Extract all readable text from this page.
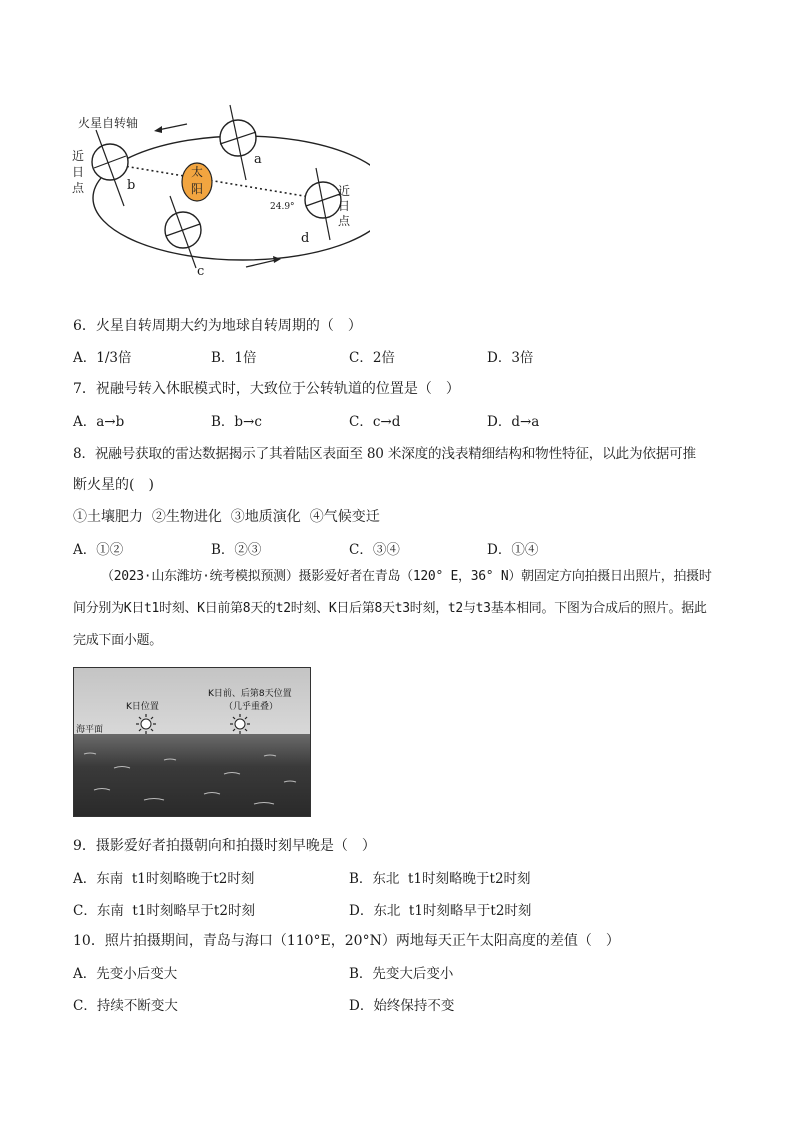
火星自转轴
近
日
点	近
日
点
太
阳
24.9°
a
b
c
d
6．火星自转周期大约为地球自转周期的（　）
A．1/3倍	B．1倍	C．2倍	D．3倍
7．祝融号转入休眠模式时，大致位于公转轨道的位置是（　）
A．a→b	B．b→c	C．c→d	D．d→a
8．祝融号获取的雷达数据揭示了其着陆区表面至 80 米深度的浅表精细结构和物性特征，以此为依据可推
断火星的(　)
①土壤肥力  ②生物进化  ③地质演化  ④气候变迁
A．①②	B．②③	C．③④	D．①④
（2023·山东潍坊·统考模拟预测）摄影爱好者在青岛（120° E，36° N）朝固定方向拍摄日出照片，拍摄时间分别为K日t1时刻、K日前第8天的t2时刻、K日后第8天t3时刻，t2与t3基本相同。下图为合成后的照片。据此完成下面小题。
海平面
K日位置
K日前、后第8天位置
（几乎重叠）
9．摄影爱好者拍摄朝向和拍摄时刻早晚是（　）
A．东南  t1时刻略晚于t2时刻	B．东北  t1时刻略晚于t2时刻
C．东南  t1时刻略早于t2时刻	D．东北  t1时刻略早于t2时刻
10．照片拍摄期间，青岛与海口（110°E，20°N）两地每天正午太阳高度的差值（　）
A．先变小后变大	B．先变大后变小
C．持续不断变大	D．始终保持不变
